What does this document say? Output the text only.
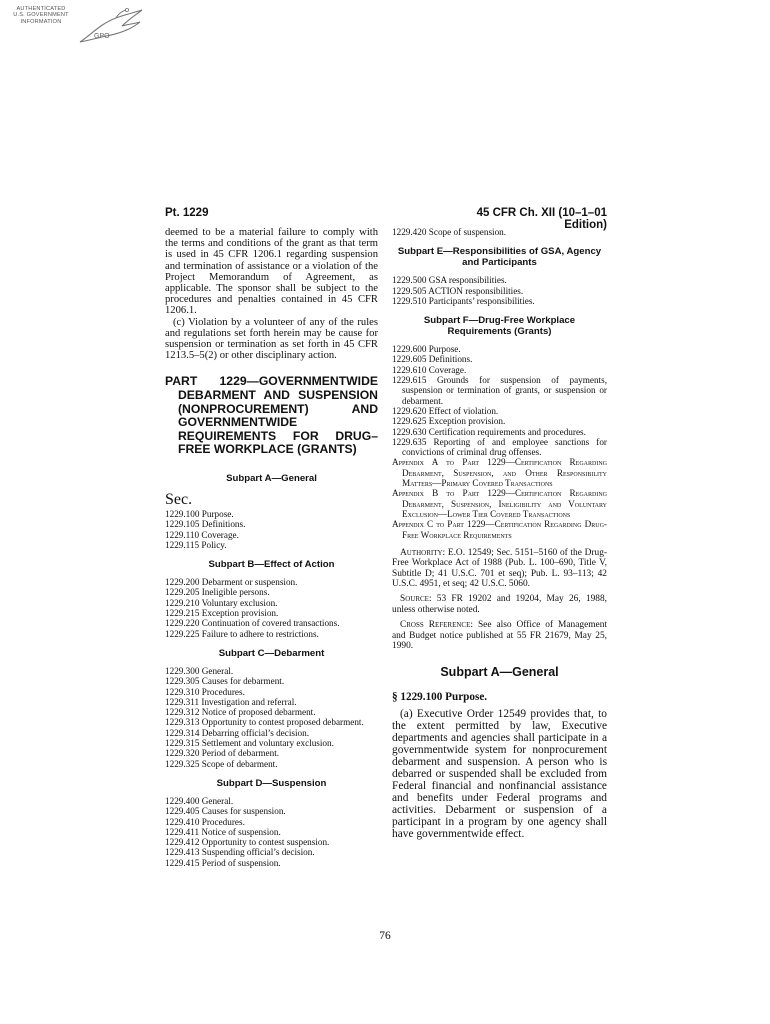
AUTHENTICATED
U.S. GOVERNMENT
INFORMATION
GPO
Pt. 1229	45 CFR Ch. XII (10–1–01 Edition)

deemed to be a material failure to comply with the terms and conditions of the grant as that term is used in 45 CFR 1206.1 regarding suspension and termination of assistance or a violation of the Project Memorandum of Agreement, as applicable. The sponsor shall be subject to the procedures and penalties contained in 45 CFR 1206.1.

(c) Violation by a volunteer of any of the rules and regulations set forth herein may be cause for suspension or termination as set forth in 45 CFR 1213.5–5(2) or other disciplinary action.

PART 1229—GOVERNMENTWIDE DEBARMENT AND SUSPENSION (NONPROCUREMENT) AND GOVERNMENTWIDE REQUIREMENTS FOR DRUG–FREE WORKPLACE (GRANTS)
Subpart A—General
Sec.
1229.100 Purpose.
1229.105 Definitions.
1229.110 Coverage.
1229.115 Policy.
Subpart B—Effect of Action
1229.200 Debarment or suspension.
1229.205 Ineligible persons.
1229.210 Voluntary exclusion.
1229.215 Exception provision.
1229.220 Continuation of covered transactions.
1229.225 Failure to adhere to restrictions.
Subpart C—Debarment
1229.300 General.
1229.305 Causes for debarment.
1229.310 Procedures.
1229.311 Investigation and referral.
1229.312 Notice of proposed debarment.
1229.313 Opportunity to contest proposed debarment.
1229.314 Debarring official’s decision.
1229.315 Settlement and voluntary exclusion.
1229.320 Period of debarment.
1229.325 Scope of debarment.
Subpart D—Suspension
1229.400 General.
1229.405 Causes for suspension.
1229.410 Procedures.
1229.411 Notice of suspension.
1229.412 Opportunity to contest suspension.
1229.413 Suspending official’s decision.
1229.415 Period of suspension.
1229.420 Scope of suspension.
Subpart E—Responsibilities of GSA, Agency and Participants
1229.500 GSA responsibilities.
1229.505 ACTION responsibilities.
1229.510 Participants’ responsibilities.
Subpart F—Drug-Free Workplace Requirements (Grants)
1229.600 Purpose.
1229.605 Definitions.
1229.610 Coverage.
1229.615 Grounds for suspension of payments, suspension or termination of grants, or suspension or debarment.
1229.620 Effect of violation.
1229.625 Exception provision.
1229.630 Certification requirements and procedures.
1229.635 Reporting of and employee sanctions for convictions of criminal drug offenses.

Appendix A to Part 1229—Certification Regarding Debarment, Suspension, and Other Responsibility Matters—Primary Covered Transactions

Appendix B to Part 1229—Certification Regarding Debarment, Suspension, Ineligibility and Voluntary Exclusion—Lower Tier Covered Transactions

Appendix C to Part 1229—Certification Regarding Drug-Free Workplace Requirements

Authority: E.O. 12549; Sec. 5151–5160 of the Drug-Free Workplace Act of 1988 (Pub. L. 100–690, Title V, Subtitle D; 41 U.S.C. 701 et seq); Pub. L. 93–113; 42 U.S.C. 4951, et seq; 42 U.S.C. 5060.

Source: 53 FR 19202 and 19204, May 26, 1988, unless otherwise noted.

Cross Reference: See also Office of Management and Budget notice published at 55 FR 21679, May 25, 1990.

Subpart A—General
§ 1229.100 Purpose.

(a) Executive Order 12549 provides that, to the extent permitted by law, Executive departments and agencies shall participate in a governmentwide system for nonprocurement debarment and suspension. A person who is debarred or suspended shall be excluded from Federal financial and nonfinancial assistance and benefits under Federal programs and activities. Debarment or suspension of a participant in a program by one agency shall have governmentwide effect.

76
